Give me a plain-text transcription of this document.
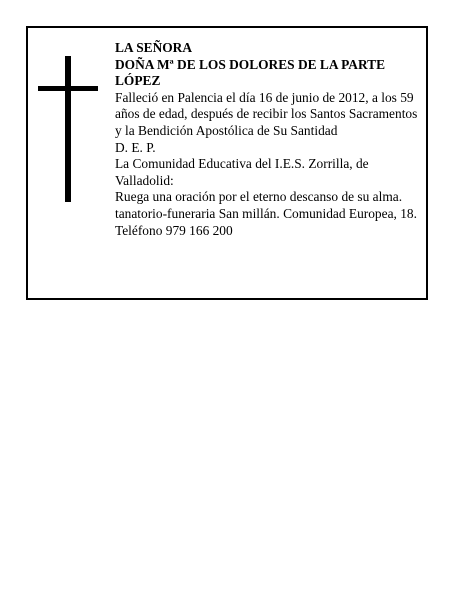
LA SEÑORA

DOÑA Mª DE LOS DOLORES DE LA PARTE LÓPEZ

Falleció en Palencia el día 16 de junio de 2012, a los 59 años de edad, después de recibir los Santos Sacramentos y la Bendición Apostólica de Su Santidad

D. E. P.

La Comunidad Educativa del I.E.S. Zorrilla, de Valladolid:

Ruega una oración por el eterno descanso de su alma.

tanatorio-funeraria San millán. Comunidad Europea, 18. Teléfono 979 166 200
